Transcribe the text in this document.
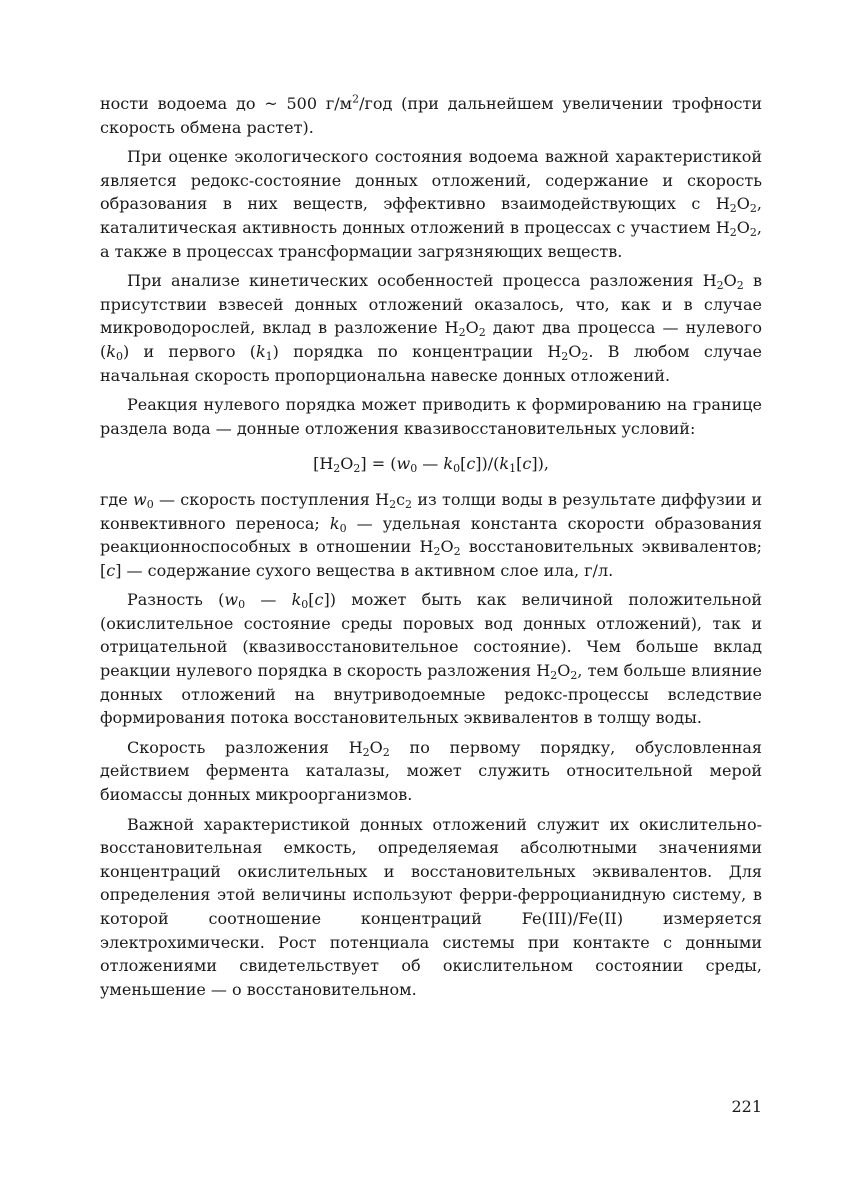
ности водоема до ~ 500 $г/м^2$/год (при дальнейшем увеличении трофности скорость обмена растет).

При оценке экологического состояния водоема важной характеристикой является редокс-состояние донных отложений, содержание и скорость образования в них веществ, эффективно взаимодействующих с $H_2O_2$, каталитическая активность донных отложений в процессах с участием $H_2O_2$, а также в процессах трансформации загрязняющих веществ.

При анализе кинетических особенностей процесса разложения $H_2O_2$ в присутствии взвесей донных отложений оказалось, что, как и в случае микроводорослей, вклад в разложение $H_2O_2$ дают два процесса — нулевого $(k_0)$ и первого $(k_1)$ порядка по концентрации $H_2O_2$. В любом случае начальная скорость пропорциональна навеске донных отложений.

Реакция нулевого порядка может приводить к формированию на границе раздела вода — донные отложения квазивосстановительных условий:

$[H_2O_2] = (w_0$ — $k_0[c])/(k_1[c])$,

где $w_0$ — скорость поступления $H_2c_2$ из толщи воды в результате диффузии и конвективного переноса; $k_0$ — удельная константа скорости образования реакционноспособных в отношении $H_2O_2$ восстановительных эквивалентов; [c] — содержание сухого вещества в активном слое ила, г/л.

Разность ($w_0$ — $k_0[c]$) может быть как величиной положительной (окислительное состояние среды поровых вод донных отложений), так и отрицательной (квазивосстановительное состояние). Чем больше вклад реакции нулевого порядка в скорость разложения $H_2O_2$, тем больше влияние донных отложений на внутриводоемные редокс-процессы вследствие формирования потока восстановительных эквивалентов в толщу воды.

Скорость разложения $H_2O_2$ по первому порядку, обусловленная действием фермента каталазы, может служить относительной мерой биомассы донных микроорганизмов.

Важной характеристикой донных отложений служит их окислительно-восстановительная емкость, определяемая абсолютными значениями концентраций окислительных и восстановительных эквивалентов. Для определения этой величины используют ферри-ферроцианидную систему, в которой соотношение концентраций Fe(III)/Fe(II) измеряется электрохимически. Рост потенциала системы при контакте с донными отложениями свидетельствует об окислительном состоянии среды, уменьшение — о восстановительном.

221
